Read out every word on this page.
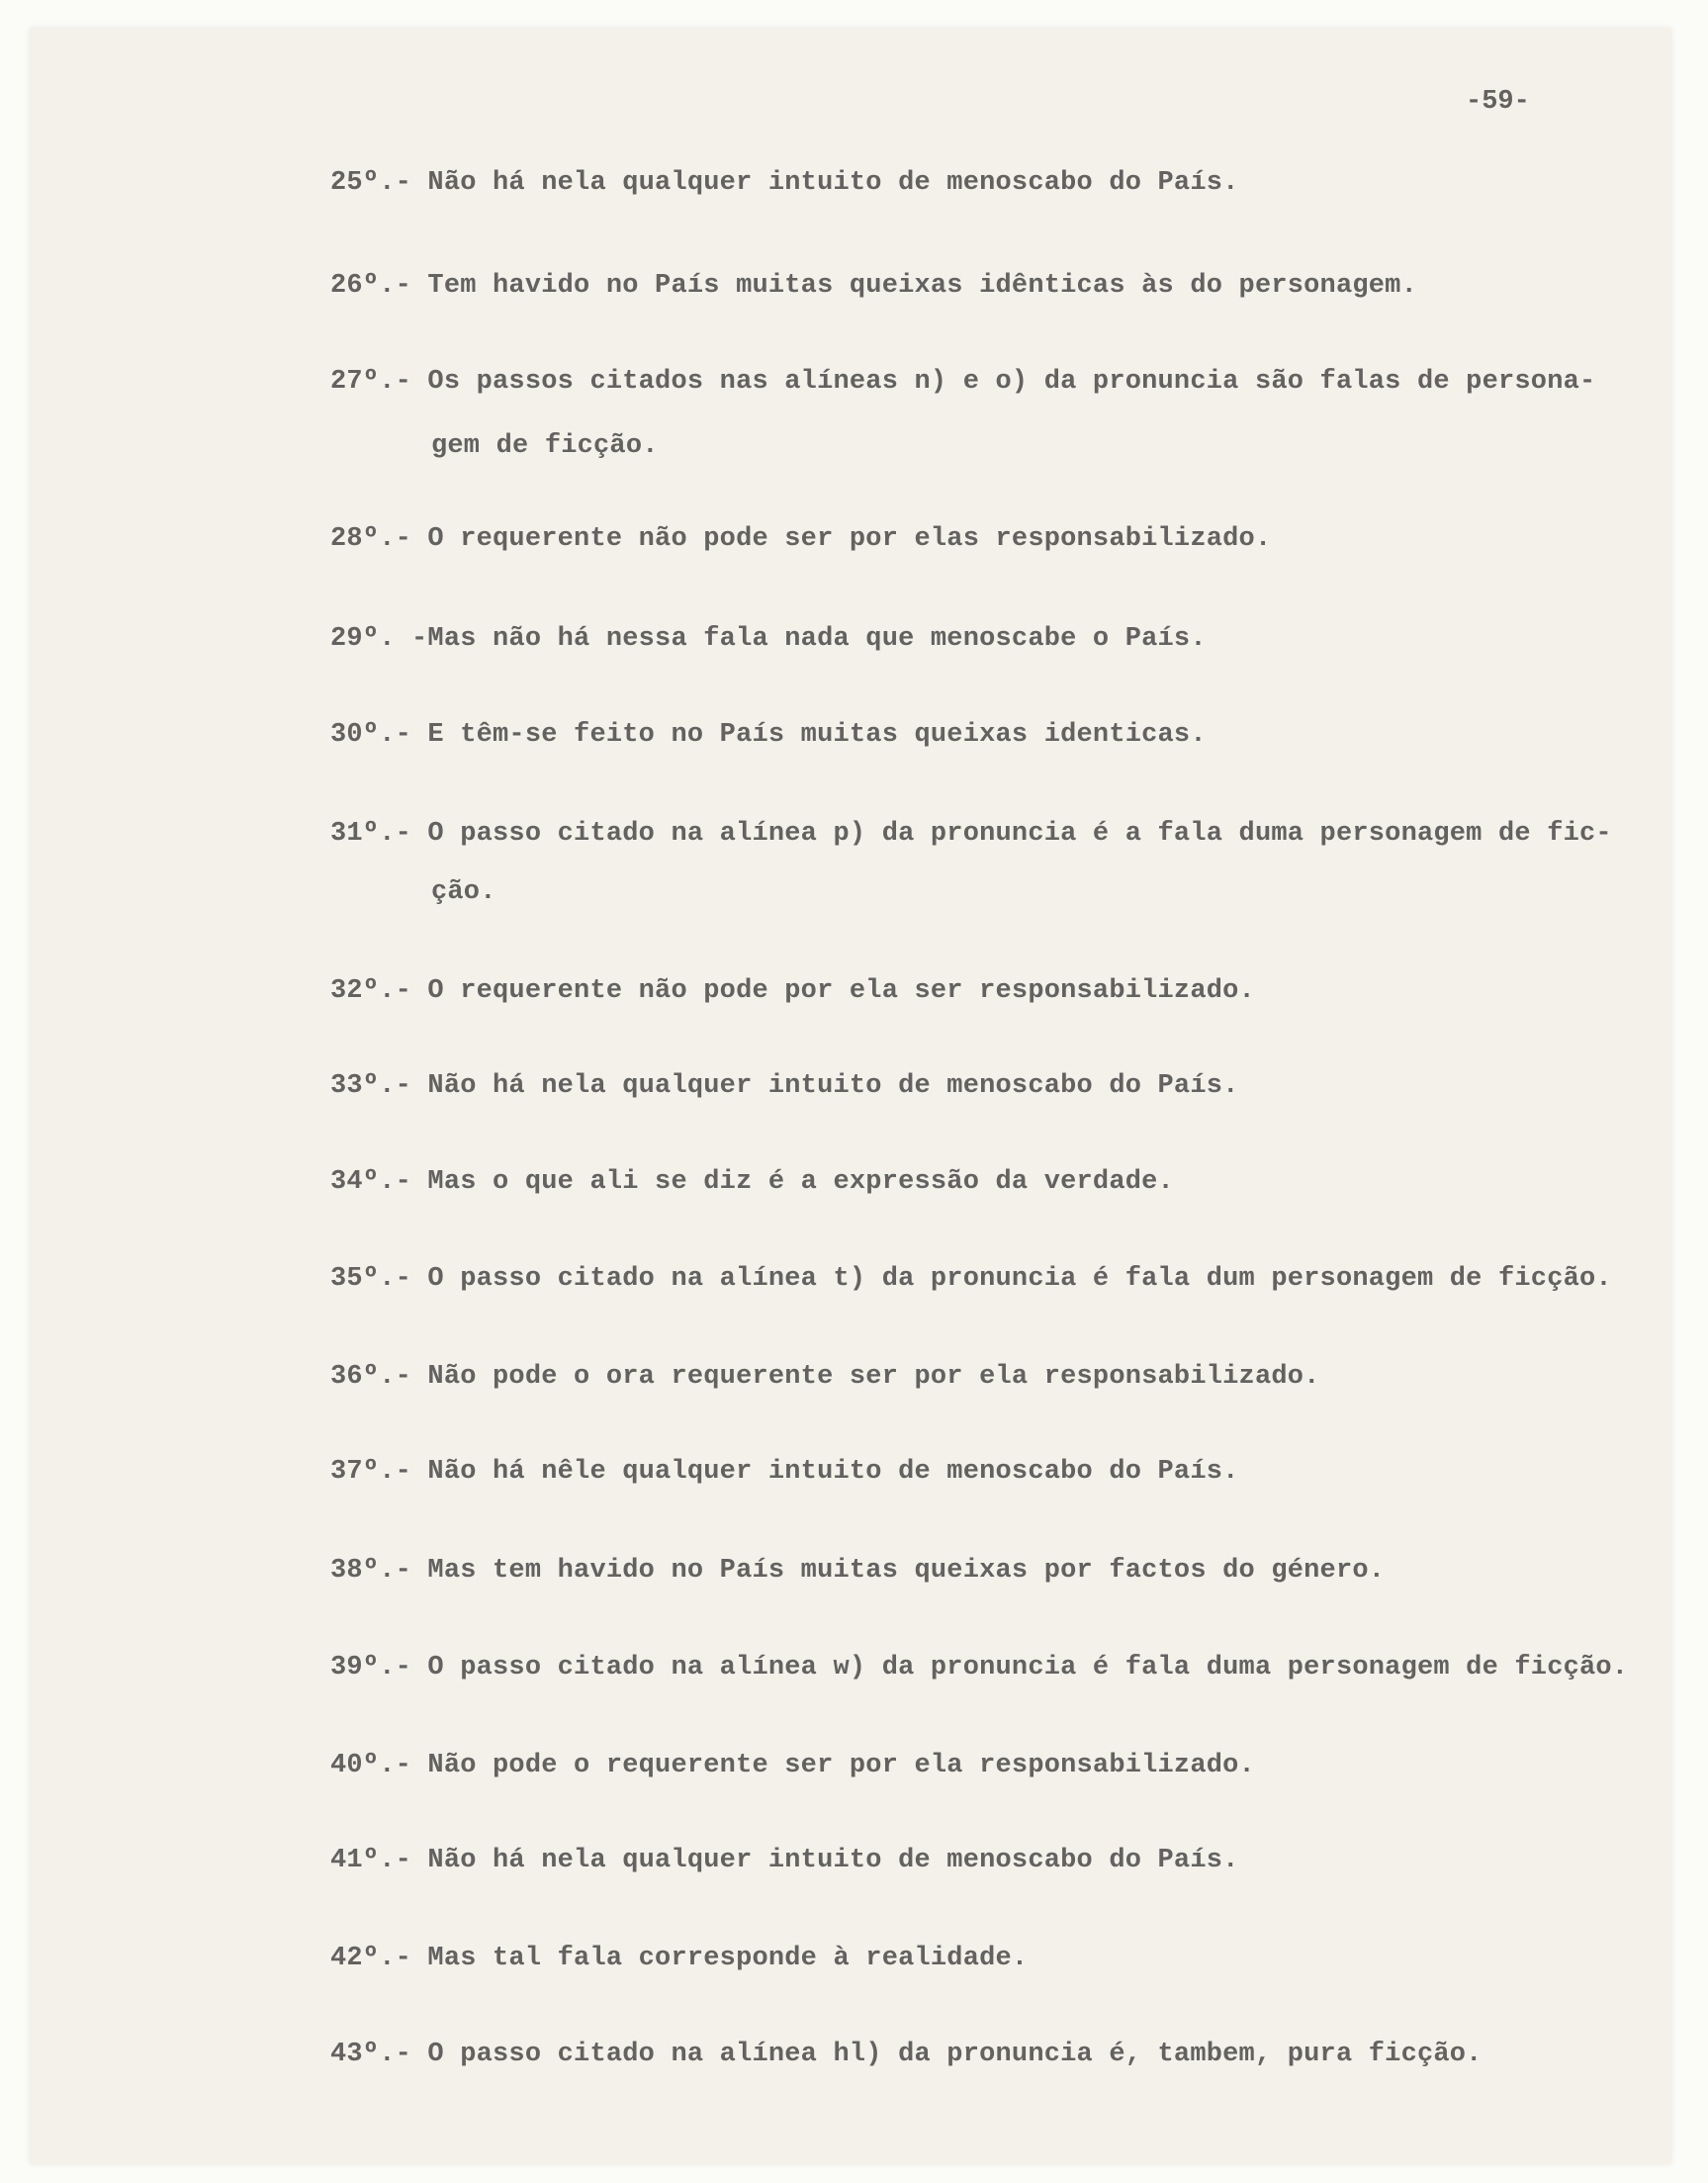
-59-
25º.- Não há nela qualquer intuito de menoscabo do País.
26º.- Tem havido no País muitas queixas idênticas às do personagem.
27º.- Os passos citados nas alíneas n) e o) da pronuncia são falas de persona-
gem de ficção.
28º.- O requerente não pode ser por elas responsabilizado.
29º. -Mas não há nessa fala nada que menoscabe o País.
30º.- E têm-se feito no País muitas queixas identicas.
31º.- O passo citado na alínea p) da pronuncia é a fala duma personagem de fic-
ção.
32º.- O requerente não pode por ela ser responsabilizado.
33º.- Não há nela qualquer intuito de menoscabo do País.
34º.- Mas o que ali se diz é a expressão da verdade.
35º.- O passo citado na alínea t) da pronuncia é fala dum personagem de ficção.
36º.- Não pode o ora requerente ser por ela responsabilizado.
37º.- Não há nêle qualquer intuito de menoscabo do País.
38º.- Mas tem havido no País muitas queixas por factos do género.
39º.- O passo citado na alínea w) da pronuncia é fala duma personagem de ficção.
40º.- Não pode o requerente ser por ela responsabilizado.
41º.- Não há nela qualquer intuito de menoscabo do País.
42º.- Mas tal fala corresponde à realidade.
43º.- O passo citado na alínea hl) da pronuncia é, tambem, pura ficção.
